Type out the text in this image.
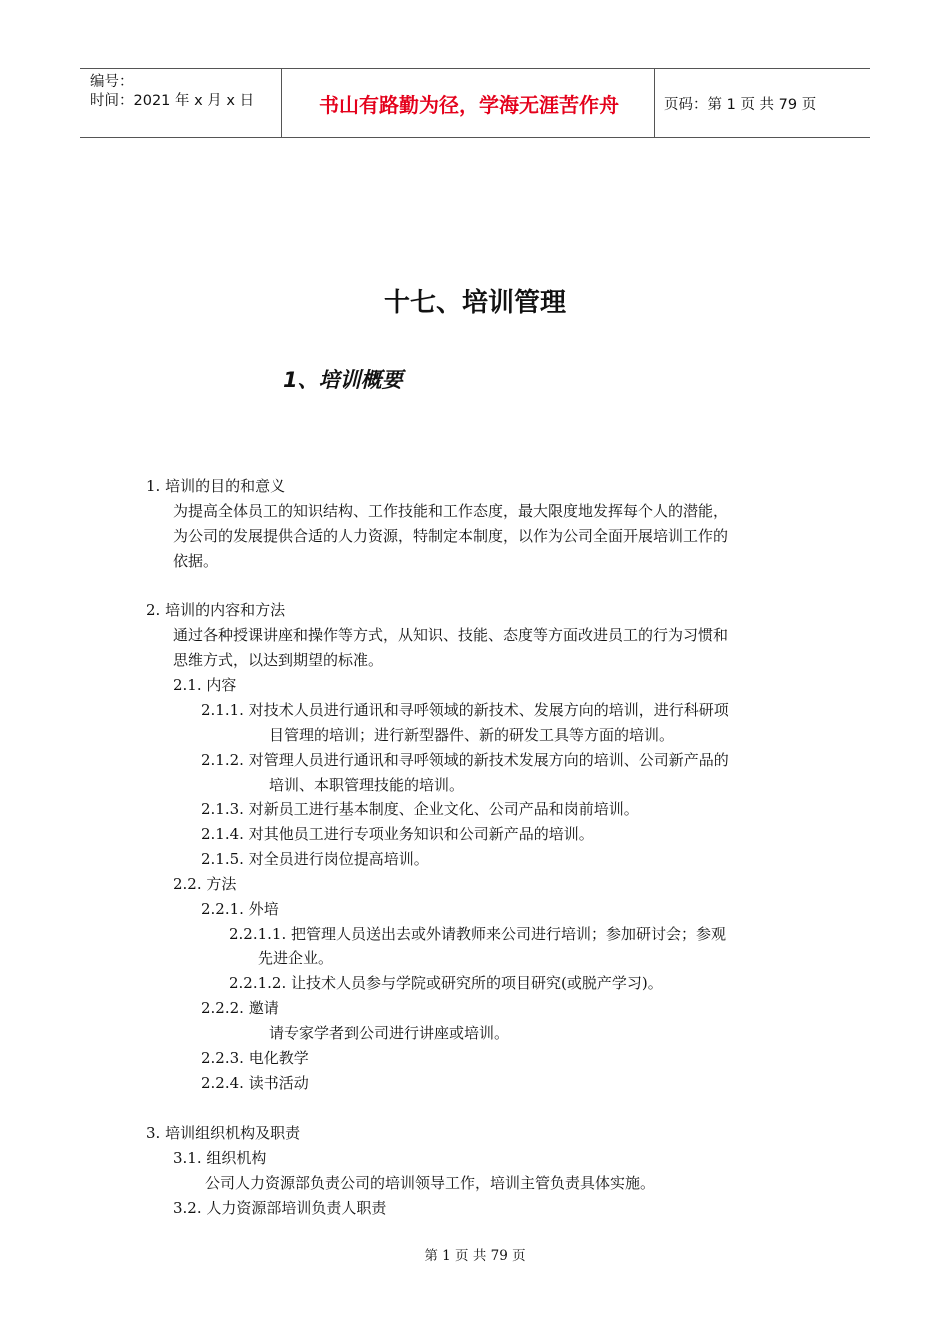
编号：
时间：2021 年 x 月 x 日	书山有路勤为径，学海无涯苦作舟	页码：第 1 页 共 79 页
十七、培训管理
1、培训概要
1. 培训的目的和意义
为提高全体员工的知识结构、工作技能和工作态度，最大限度地发挥每个人的潜能，
为公司的发展提供合适的人力资源，特制定本制度，以作为公司全面开展培训工作的
依据。
2. 培训的内容和方法
通过各种授课讲座和操作等方式，从知识、技能、态度等方面改进员工的行为习惯和
思维方式，以达到期望的标准。
2.1. 内容
2.1.1. 对技术人员进行通讯和寻呼领域的新技术、发展方向的培训，进行科研项
目管理的培训；进行新型器件、新的研发工具等方面的培训。
2.1.2. 对管理人员进行通讯和寻呼领域的新技术发展方向的培训、公司新产品的
培训、本职管理技能的培训。
2.1.3. 对新员工进行基本制度、企业文化、公司产品和岗前培训。
2.1.4. 对其他员工进行专项业务知识和公司新产品的培训。
2.1.5. 对全员进行岗位提高培训。
2.2. 方法
2.2.1. 外培
2.2.1.1. 把管理人员送出去或外请教师来公司进行培训；参加研讨会；参观
先进企业。
2.2.1.2. 让技术人员参与学院或研究所的项目研究(或脱产学习)。
2.2.2. 邀请
请专家学者到公司进行讲座或培训。
2.2.3. 电化教学
2.2.4. 读书活动
3. 培训组织机构及职责
3.1. 组织机构
公司人力资源部负责公司的培训领导工作，培训主管负责具体实施。
3.2. 人力资源部培训负责人职责
第 1 页 共 79 页
